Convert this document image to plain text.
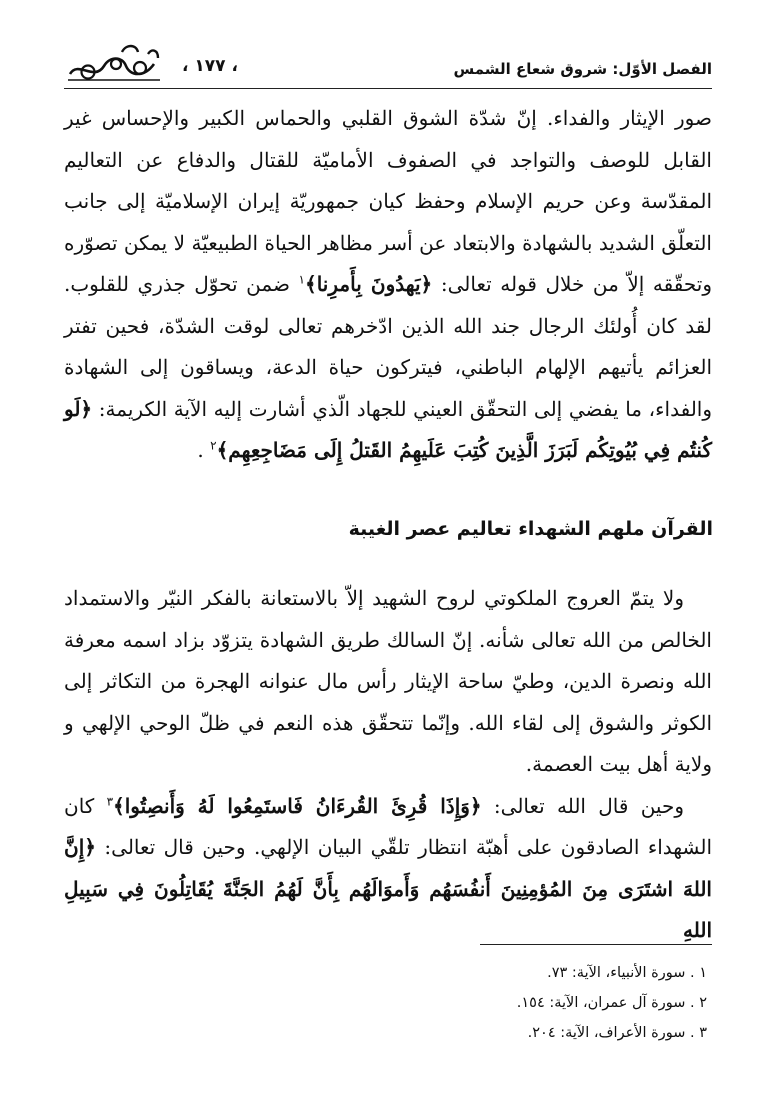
الفصل الأوّل: شروق شعاع الشمس
، ١٧٧ ،

صور الإيثار والفداء. إنّ شدّة الشوق القلبي والحماس الكبير والإحساس غير القابل للوصف والتواجد في الصفوف الأماميّة للقتال والدفاع عن التعاليم المقدّسة وعن حريم الإسلام وحفظ كيان جمهوريّة إيران الإسلاميّة إلى جانب التعلّق الشديد بالشهادة والابتعاد عن أسر مظاهر الحياة الطبيعيّة لا يمكن تصوّره وتحقّقه إلاّ من خلال قوله تعالى: ﴿يَهدُونَ بِأَمرِنا﴾$^١$ ضمن تحوّل جذري للقلوب. لقد كان أُولئك الرجال جند الله الذين ادّخرهم تعالى لوقت الشدّة، فحين تفتر العزائم يأتيهم الإلهام الباطني، فيتركون حياة الدعة، ويساقون إلى الشهادة والفداء، ما يفضي إلى التحقّق العيني للجهاد الّذي أشارت إليه الآية الكريمة: ﴿لَو كُنتُم فِي بُيُوتِكُم لَبَرَزَ الَّذِينَ كُتِبَ عَلَيهِمُ القَتلُ إِلَى مَضَاجِعِهِم﴾$^٢$ .

القرآن ملهم الشهداء تعاليم عصر الغيبة

ولا يتمّ العروج الملكوتي لروح الشهيد إلاّ بالاستعانة بالفكر النيّر والاستمداد الخالص من الله تعالى شأنه. إنّ السالك طريق الشهادة يتزوّد بزاد اسمه معرفة الله ونصرة الدين، وطيّ ساحة الإيثار رأس مال عنوانه الهجرة من التكاثر إلى الكوثر والشوق إلى لقاء الله. وإنّما تتحقّق هذه النعم في ظلّ الوحي الإلهي و ولاية أهل بيت العصمة.

وحين قال الله تعالى: ﴿وَإِذَا قُرِئَ القُرءَانُ فَاستَمِعُوا لَهُ وَأَنصِتُوا﴾$^٣$ كان الشهداء الصادقون على أهبّة انتظار تلقّي البيان الإلهي. وحين قال تعالى: ﴿إِنَّ اللهَ اشتَرَى مِنَ المُؤمِنِينَ أَنفُسَهُم وَأَموَالَهُم بِأَنَّ لَهُمُ الجَنَّةَ يُقَاتِلُونَ فِي سَبِيلِ اللهِ

١ . سورة الأنبياء، الآية: ٧٣.
٢ . سورة آل عمران، الآية: ١٥٤.
٣ . سورة الأعراف، الآية: ٢٠٤.
